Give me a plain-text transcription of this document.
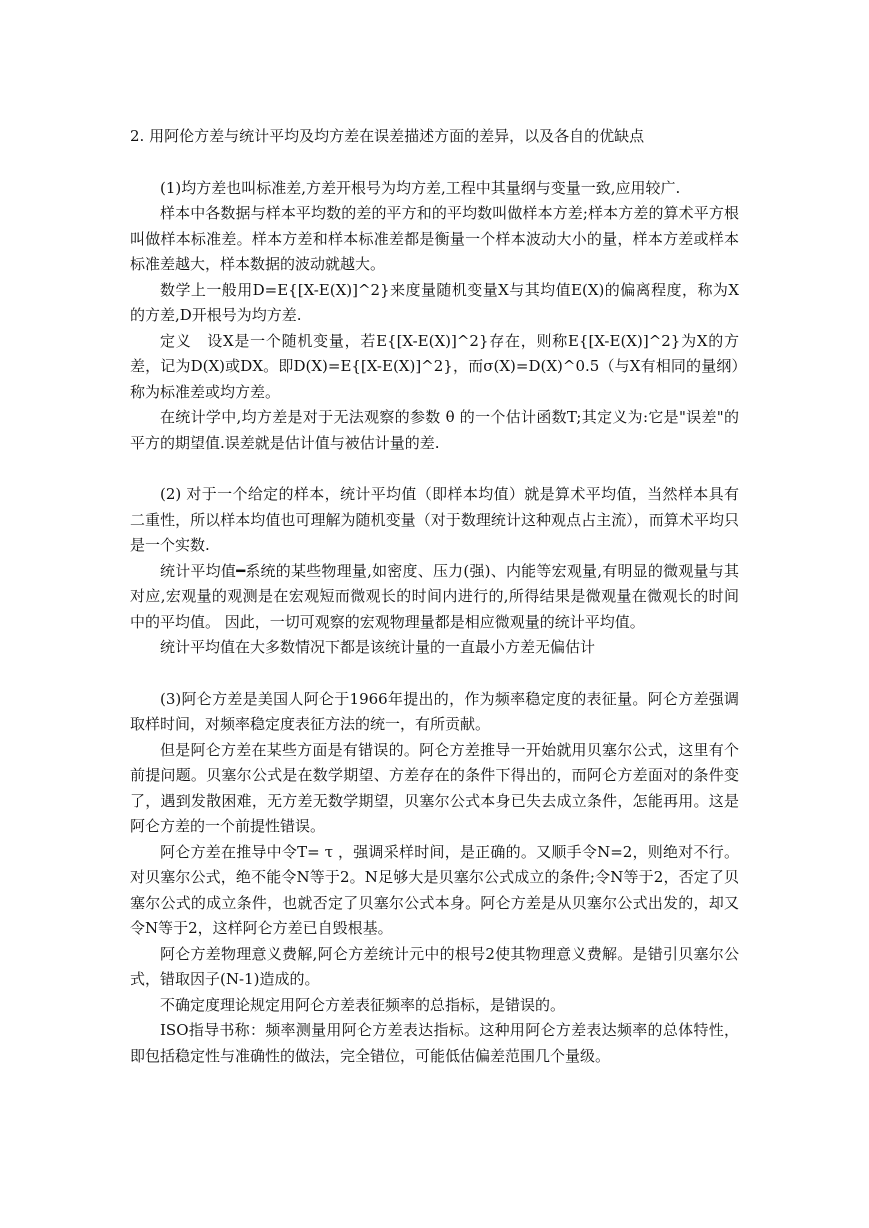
2. 用阿伦方差与统计平均及均方差在误差描述方面的差异，以及各自的优缺点

(1)均方差也叫标准差,方差开根号为均方差,工程中其量纲与变量一致,应用较广.

样本中各数据与样本平均数的差的平方和的平均数叫做样本方差;样本方差的算术平方根叫做样本标准差。样本方差和样本标准差都是衡量一个样本波动大小的量，样本方差或样本标准差越大，样本数据的波动就越大。

数学上一般用D=E{[X-E(X)]^2}来度量随机变量X与其均值E(X)的偏离程度，称为X的方差,D开根号为均方差.

定义　设X是一个随机变量，若E{[X-E(X)]^2}存在，则称E{[X-E(X)]^2}为X的方差，记为D(X)或DX。即D(X)=E{[X-E(X)]^2}，而σ(X)=D(X)^0.5（与X有相同的量纲）称为标准差或均方差。

在统计学中,均方差是对于无法观察的参数 θ 的一个估计函数T;其定义为:它是"误差"的平方的期望值.误差就是估计值与被估计量的差.

(2) 对于一个给定的样本，统计平均值（即样本均值）就是算术平均值，当然样本具有二重性，所以样本均值也可理解为随机变量（对于数理统计这种观点占主流），而算术平均只是一个实数.

统计平均值━系统的某些物理量,如密度、压力(强)、内能等宏观量,有明显的微观量与其对应,宏观量的观测是在宏观短而微观长的时间内进行的,所得结果是微观量在微观长的时间中的平均值。 因此，一切可观察的宏观物理量都是相应微观量的统计平均值。

统计平均值在大多数情况下都是该统计量的一直最小方差无偏估计

(3)阿仑方差是美国人阿仑于1966年提出的，作为频率稳定度的表征量。阿仑方差强调取样时间，对频率稳定度表征方法的统一，有所贡献。

但是阿仑方差在某些方面是有错误的。阿仑方差推导一开始就用贝塞尔公式，这里有个前提问题。贝塞尔公式是在数学期望、方差存在的条件下得出的，而阿仑方差面对的条件变了，遇到发散困难，无方差无数学期望，贝塞尔公式本身已失去成立条件，怎能再用。这是阿仑方差的一个前提性错误。

阿仑方差在推导中令T= τ ，强调采样时间，是正确的。又顺手令N=2，则绝对不行。对贝塞尔公式，绝不能令N等于2。N足够大是贝塞尔公式成立的条件;令N等于2，否定了贝塞尔公式的成立条件，也就否定了贝塞尔公式本身。阿仑方差是从贝塞尔公式出发的，却又令N等于2，这样阿仑方差已自毁根基。

阿仑方差物理意义费解,阿仑方差统计元中的根号2使其物理意义费解。是错引贝塞尔公式，错取因子(N-1)造成的。

不确定度理论规定用阿仑方差表征频率的总指标，是错误的。

ISO指导书称：频率测量用阿仑方差表达指标。这种用阿仑方差表达频率的总体特性，即包括稳定性与准确性的做法，完全错位，可能低估偏差范围几个量级。
